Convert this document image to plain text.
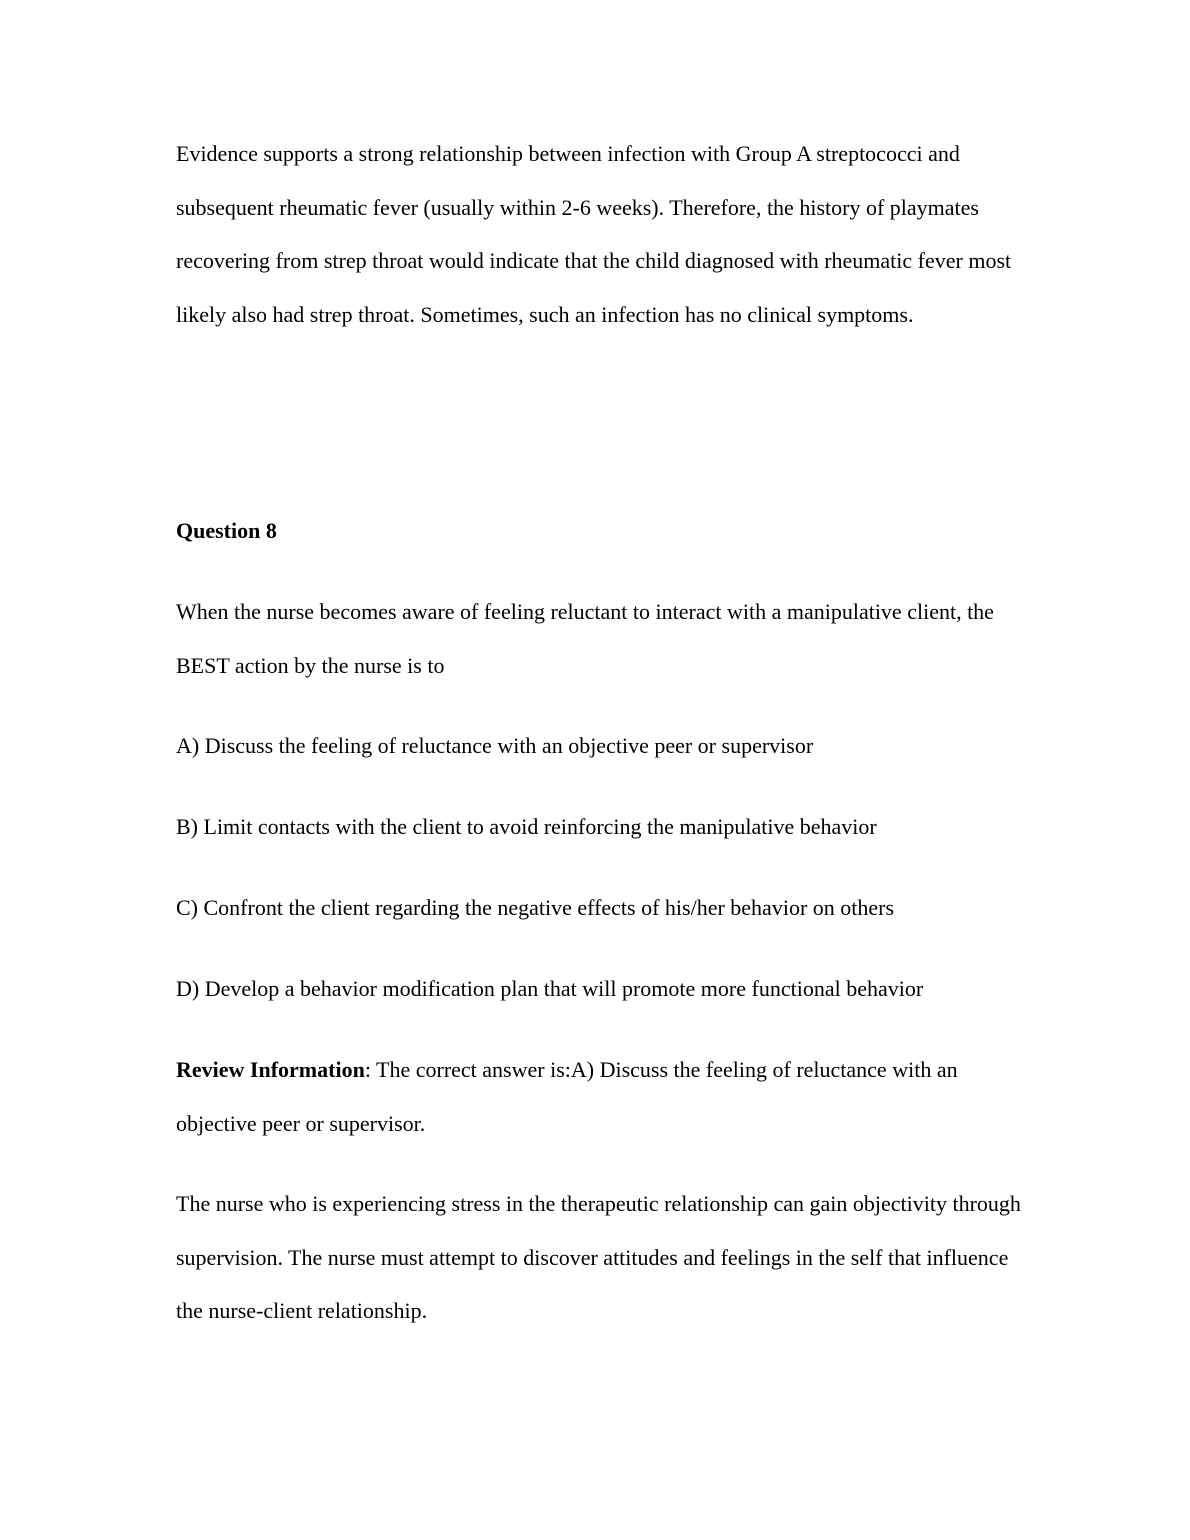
Evidence supports a strong relationship between infection with Group A streptococci and subsequent rheumatic fever (usually within 2-6 weeks). Therefore, the history of playmates recovering from strep throat would indicate that the child diagnosed with rheumatic fever most likely also had strep throat. Sometimes, such an infection has no clinical symptoms.

Question 8

When the nurse becomes aware of feeling reluctant to interact with a manipulative client, the BEST action by the nurse is to

A) Discuss the feeling of reluctance with an objective peer or supervisor

B) Limit contacts with the client to avoid reinforcing the manipulative behavior

C) Confront the client regarding the negative effects of his/her behavior on others

D) Develop a behavior modification plan that will promote more functional behavior

Review Information: The correct answer is:A) Discuss the feeling of reluctance with an objective peer or supervisor.

The nurse who is experiencing stress in the therapeutic relationship can gain objectivity through supervision. The nurse must attempt to discover attitudes and feelings in the self that influence the nurse-client relationship.
